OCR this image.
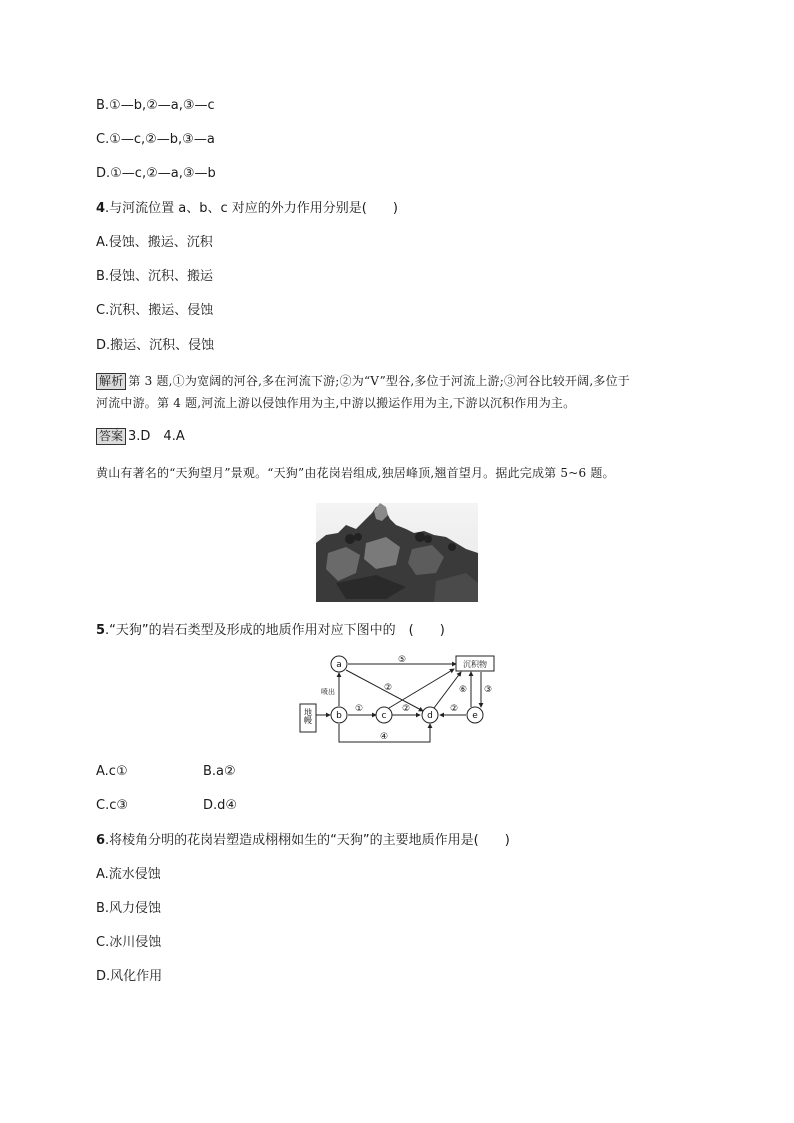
B.①—b,②—a,③—c
C.①—c,②—b,③—a
D.①—c,②—a,③—b
4.与河流位置 a、b、c 对应的外力作用分别是(　　)
A.侵蚀、搬运、沉积
B.侵蚀、沉积、搬运
C.沉积、搬运、侵蚀
D.搬运、沉积、侵蚀
解析 第 3 题,①为宽阔的河谷,多在河流下游;②为“V”型谷,多位于河流上游;③河谷比较开阔,多位于
河流中游。第 4 题,河流上游以侵蚀作用为主,中游以搬运作用为主,下游以沉积作用为主。
答案 3.D　4.A
黄山有著名的“天狗望月”景观。“天狗”由花岗岩组成,独居峰顶,翘首望月。据此完成第 5~6 题。
5.“天狗”的岩石类型及形成的地质作用对应下图中的　(　　)
a
b	c	d	e
沉积物
地幔
喷出
⑤
②
①	②	②
⑥ ③
④
A.c①	B.a②
C.c③	D.d④
6.将棱角分明的花岗岩塑造成栩栩如生的“天狗”的主要地质作用是(　　)
A.流水侵蚀
B.风力侵蚀
C.冰川侵蚀
D.风化作用
